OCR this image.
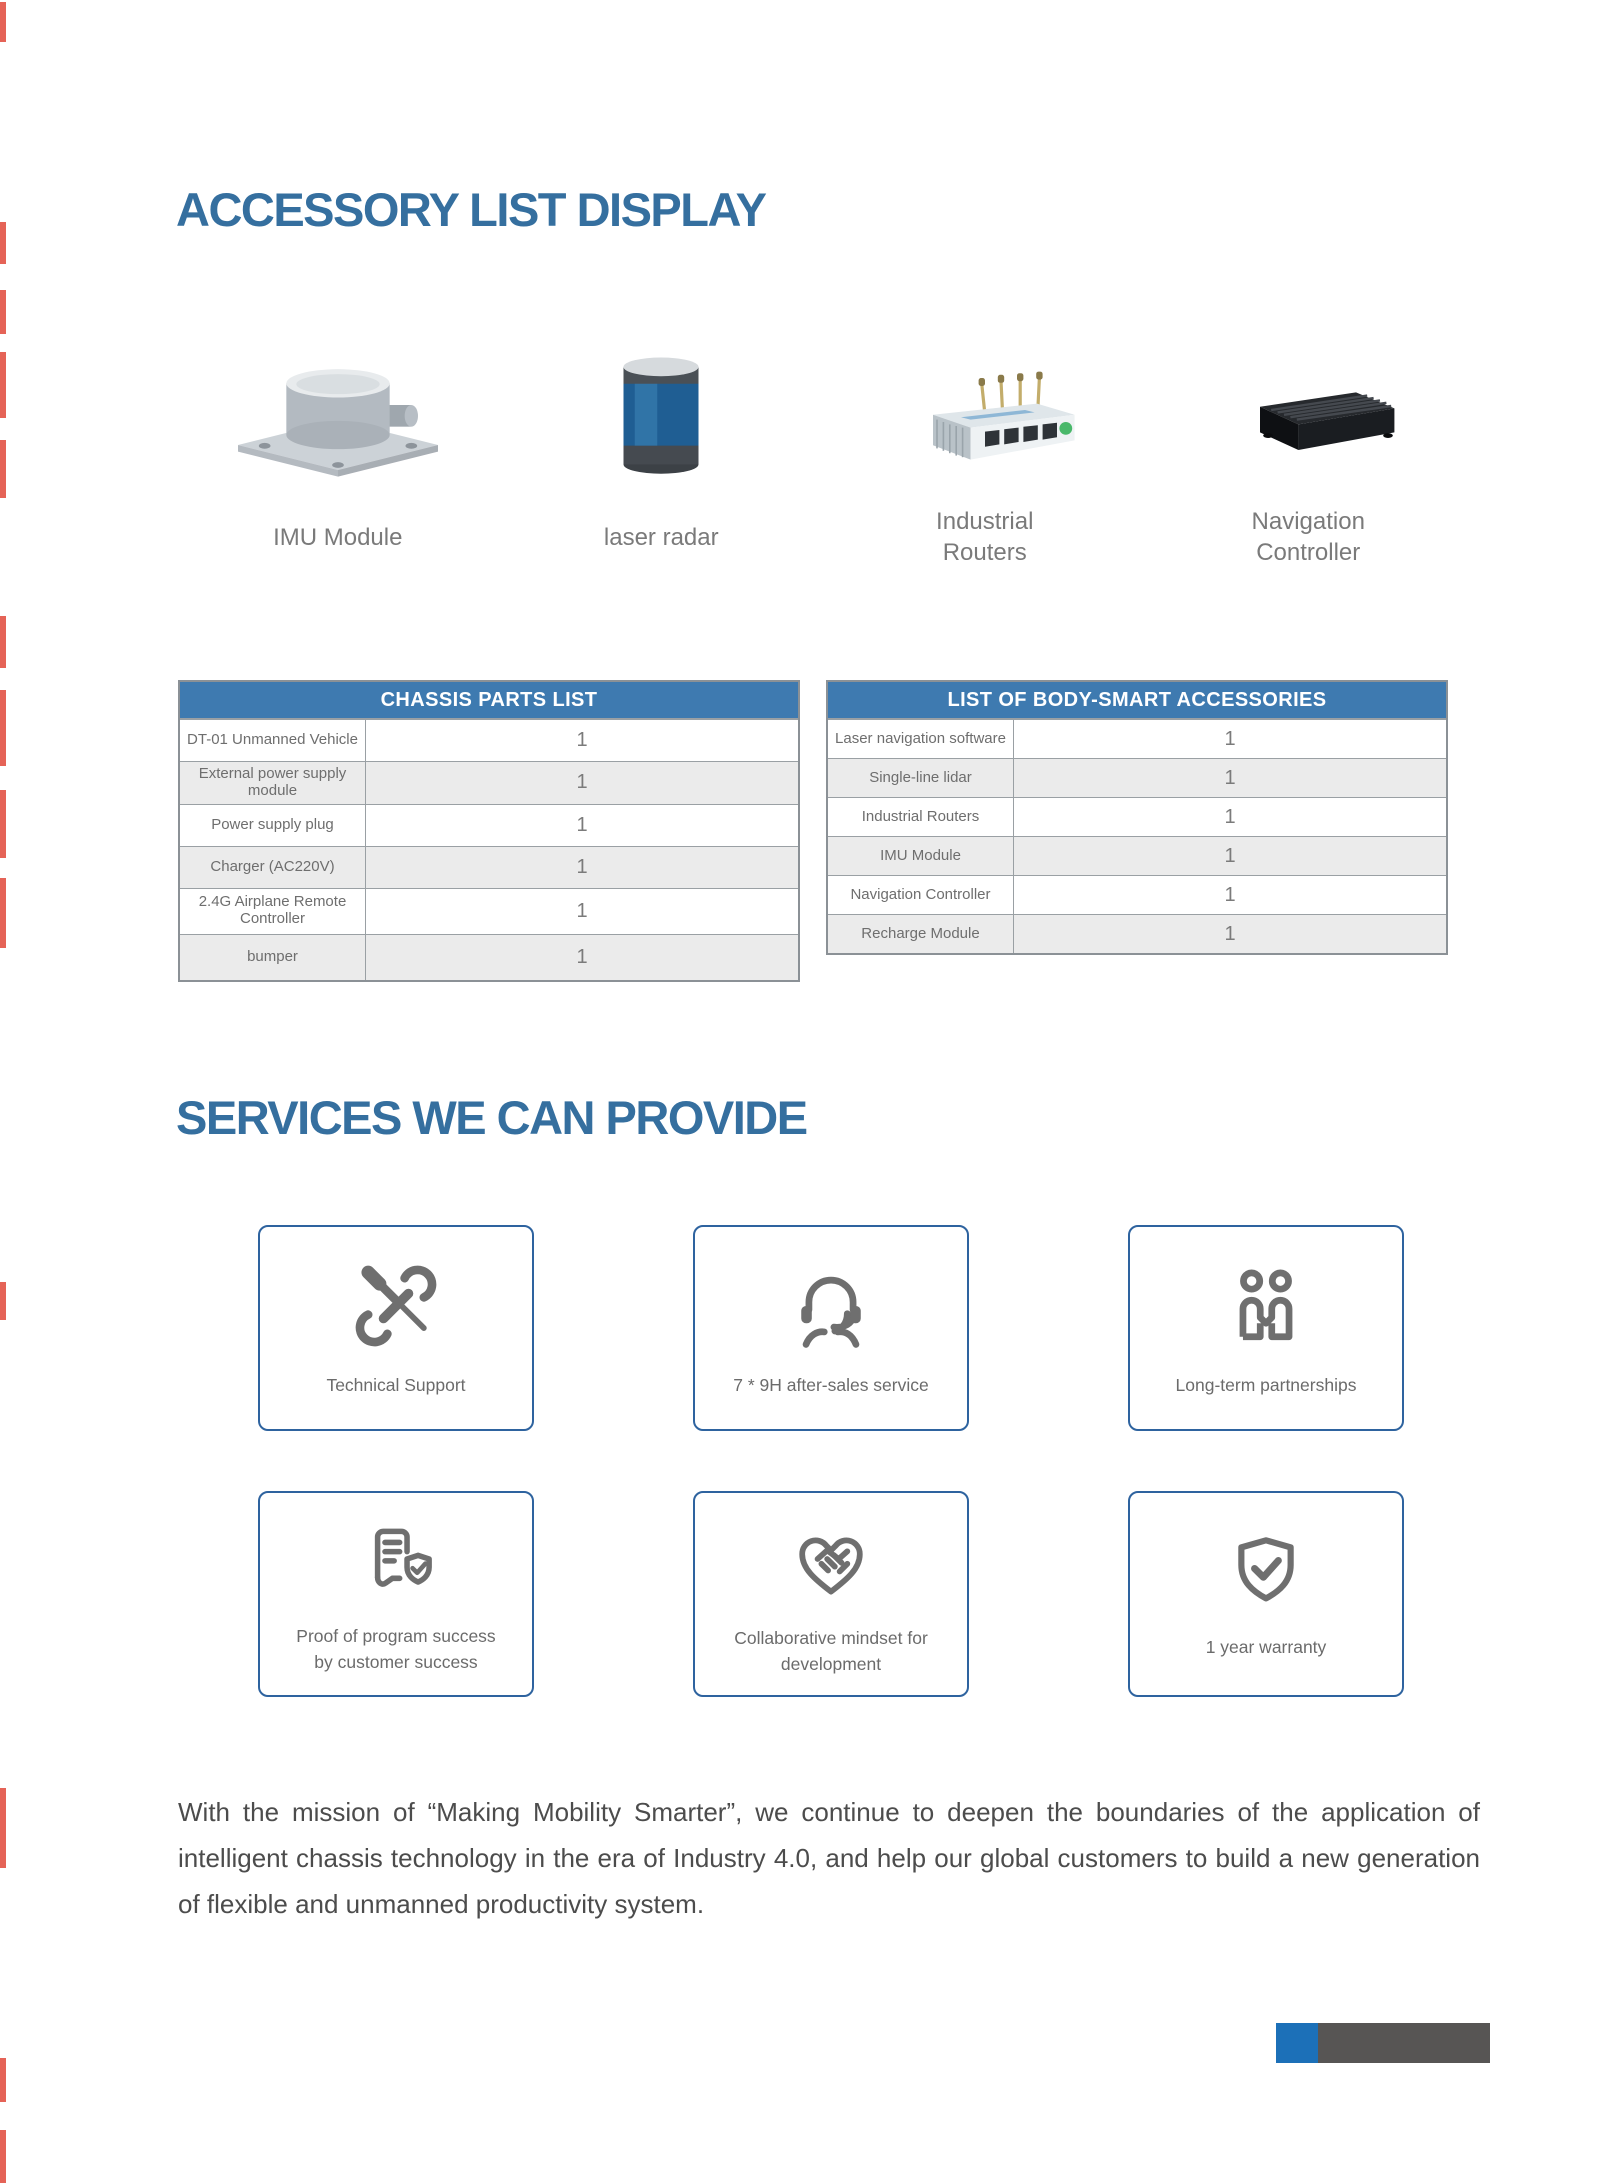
ACCESSORY LIST DISPLAY
IMU Module	laser radar
Industrial Routers
Navigation Controller
CHASSIS PARTS LIST
DT-01 Unmanned Vehicle	1
External power supply module	1
Power supply plug	1
Charger (AC220V)	1
2.4G Airplane Remote Controller	1
bumper	1
LIST OF BODY-SMART ACCESSORIES
Laser navigation software	1
Single-line lidar	1
Industrial Routers	1
IMU Module	1
Navigation Controller	1
Recharge Module	1
SERVICES WE CAN PROVIDE
Technical Support	7 * 9H after-sales service	Long-term partnerships
Proof of program success by customer success
Collaborative mindset for development
1 year warranty

With the mission of “Making Mobility Smarter”, we continue to deepen the boundaries of the application of intelligent chassis technology in the era of Industry 4.0, and help our global customers to build a new generation of flexible and unmanned productivity system.
